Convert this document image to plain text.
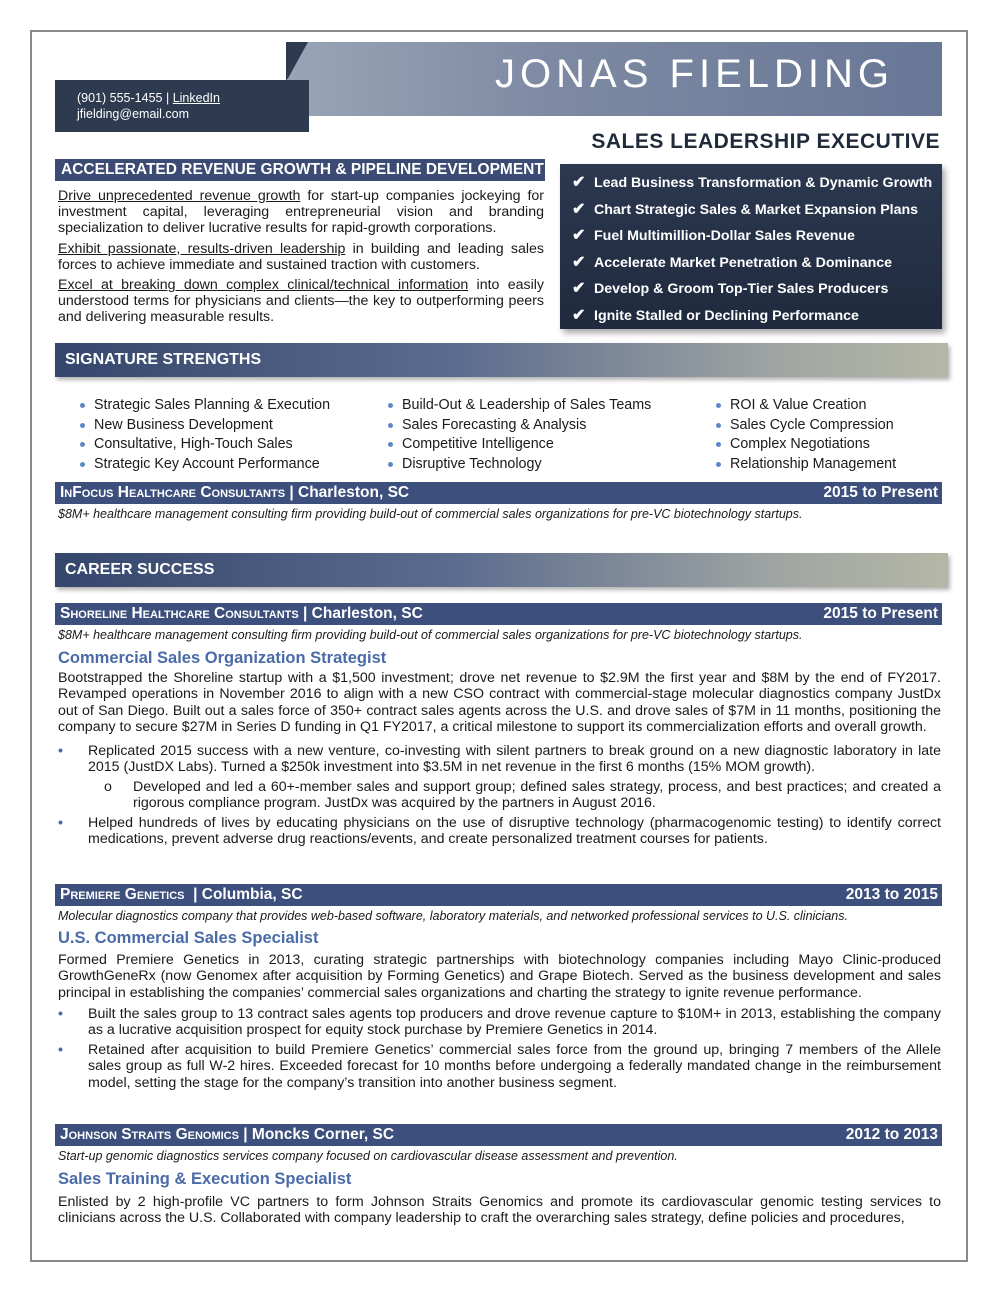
JONAS FIELDING
(901) 555-1455 | LinkedIn
jfielding@email.com
SALES LEADERSHIP EXECUTIVE
ACCELERATED REVENUE GROWTH & PIPELINE DEVELOPMENT

Drive unprecedented revenue growth for start-up companies jockeying for investment capital, leveraging entrepreneurial vision and branding specialization to deliver lucrative results for rapid-growth corporations.

Exhibit passionate, results-driven leadership in building and leading sales forces to achieve immediate and sustained traction with customers.

Excel at breaking down complex clinical/technical information into easily understood terms for physicians and clients—the key to outperforming peers and delivering measurable results.

✔ Lead Business Transformation & Dynamic Growth
✔ Chart Strategic Sales & Market Expansion Plans
✔ Fuel Multimillion-Dollar Sales Revenue
✔ Accelerate Market Penetration & Dominance
✔ Develop & Groom Top-Tier Sales Producers
✔ Ignite Stalled or Declining Performance
SIGNATURE STRENGTHS
Strategic Sales Planning & Execution
New Business Development
Consultative, High-Touch Sales
Strategic Key Account Performance
Build-Out & Leadership of Sales Teams
Sales Forecasting & Analysis
Competitive Intelligence
Disruptive Technology
ROI & Value Creation
Sales Cycle Compression
Complex Negotiations
Relationship Management
InFocus Healthcare Consultants | Charleston, SC	2015 to Present
$8M+ healthcare management consulting firm providing build-out of commercial sales organizations for pre-VC biotechnology startups.
CAREER SUCCESS
Shoreline Healthcare Consultants | Charleston, SC	2015 to Present
$8M+ healthcare management consulting firm providing build-out of commercial sales organizations for pre-VC biotechnology startups.
Commercial Sales Organization Strategist

Bootstrapped the Shoreline startup with a $1,500 investment; drove net revenue to $2.9M the first year and $8M by the end of FY2017. Revamped operations in November 2016 to align with a new CSO contract with commercial-stage molecular diagnostics company JustDx out of San Diego. Built out a sales force of 350+ contract sales agents across the U.S. and drove sales of $7M in 11 months, positioning the company to secure $27M in Series D funding in Q1 FY2017, a critical milestone to support its commercialization efforts and overall growth.

• Replicated 2015 success with a new venture, co-investing with silent partners to break ground on a new diagnostic laboratory in late 2015 (JustDX Labs). Turned a $250k investment into $3.5M in net revenue in the first 6 months (15% MOM growth).
o Developed and led a 60+-member sales and support group; defined sales strategy, process, and best practices; and created a rigorous compliance program. JustDx was acquired by the partners in August 2016.
• Helped hundreds of lives by educating physicians on the use of disruptive technology (pharmacogenomic testing) to identify correct medications, prevent adverse drug reactions/events, and create personalized treatment courses for patients.
Premiere Genetics  | Columbia, SC	2013 to 2015
Molecular diagnostics company that provides web-based software, laboratory materials, and networked professional services to U.S. clinicians.
U.S. Commercial Sales Specialist

Formed Premiere Genetics in 2013, curating strategic partnerships with biotechnology companies including Mayo Clinic-produced GrowthGeneRx (now Genomex after acquisition by Forming Genetics) and Grape Biotech. Served as the business development and sales principal in establishing the companies’ commercial sales organizations and charting the strategy to ignite revenue performance.

• Built the sales group to 13 contract sales agents top producers and drove revenue capture to $10M+ in 2013, establishing the company as a lucrative acquisition prospect for equity stock purchase by Premiere Genetics in 2014.
• Retained after acquisition to build Premiere Genetics’ commercial sales force from the ground up, bringing 7 members of the Allele sales group as full W-2 hires. Exceeded forecast for 10 months before undergoing a federally mandated change in the reimbursement model, setting the stage for the company’s transition into another business segment.
Johnson Straits Genomics | Moncks Corner, SC	2012 to 2013
Start-up genomic diagnostics services company focused on cardiovascular disease assessment and prevention.
Sales Training & Execution Specialist

Enlisted by 2 high-profile VC partners to form Johnson Straits Genomics and promote its cardiovascular genomic testing services to clinicians across the U.S. Collaborated with company leadership to craft the overarching sales strategy, define policies and procedures,
